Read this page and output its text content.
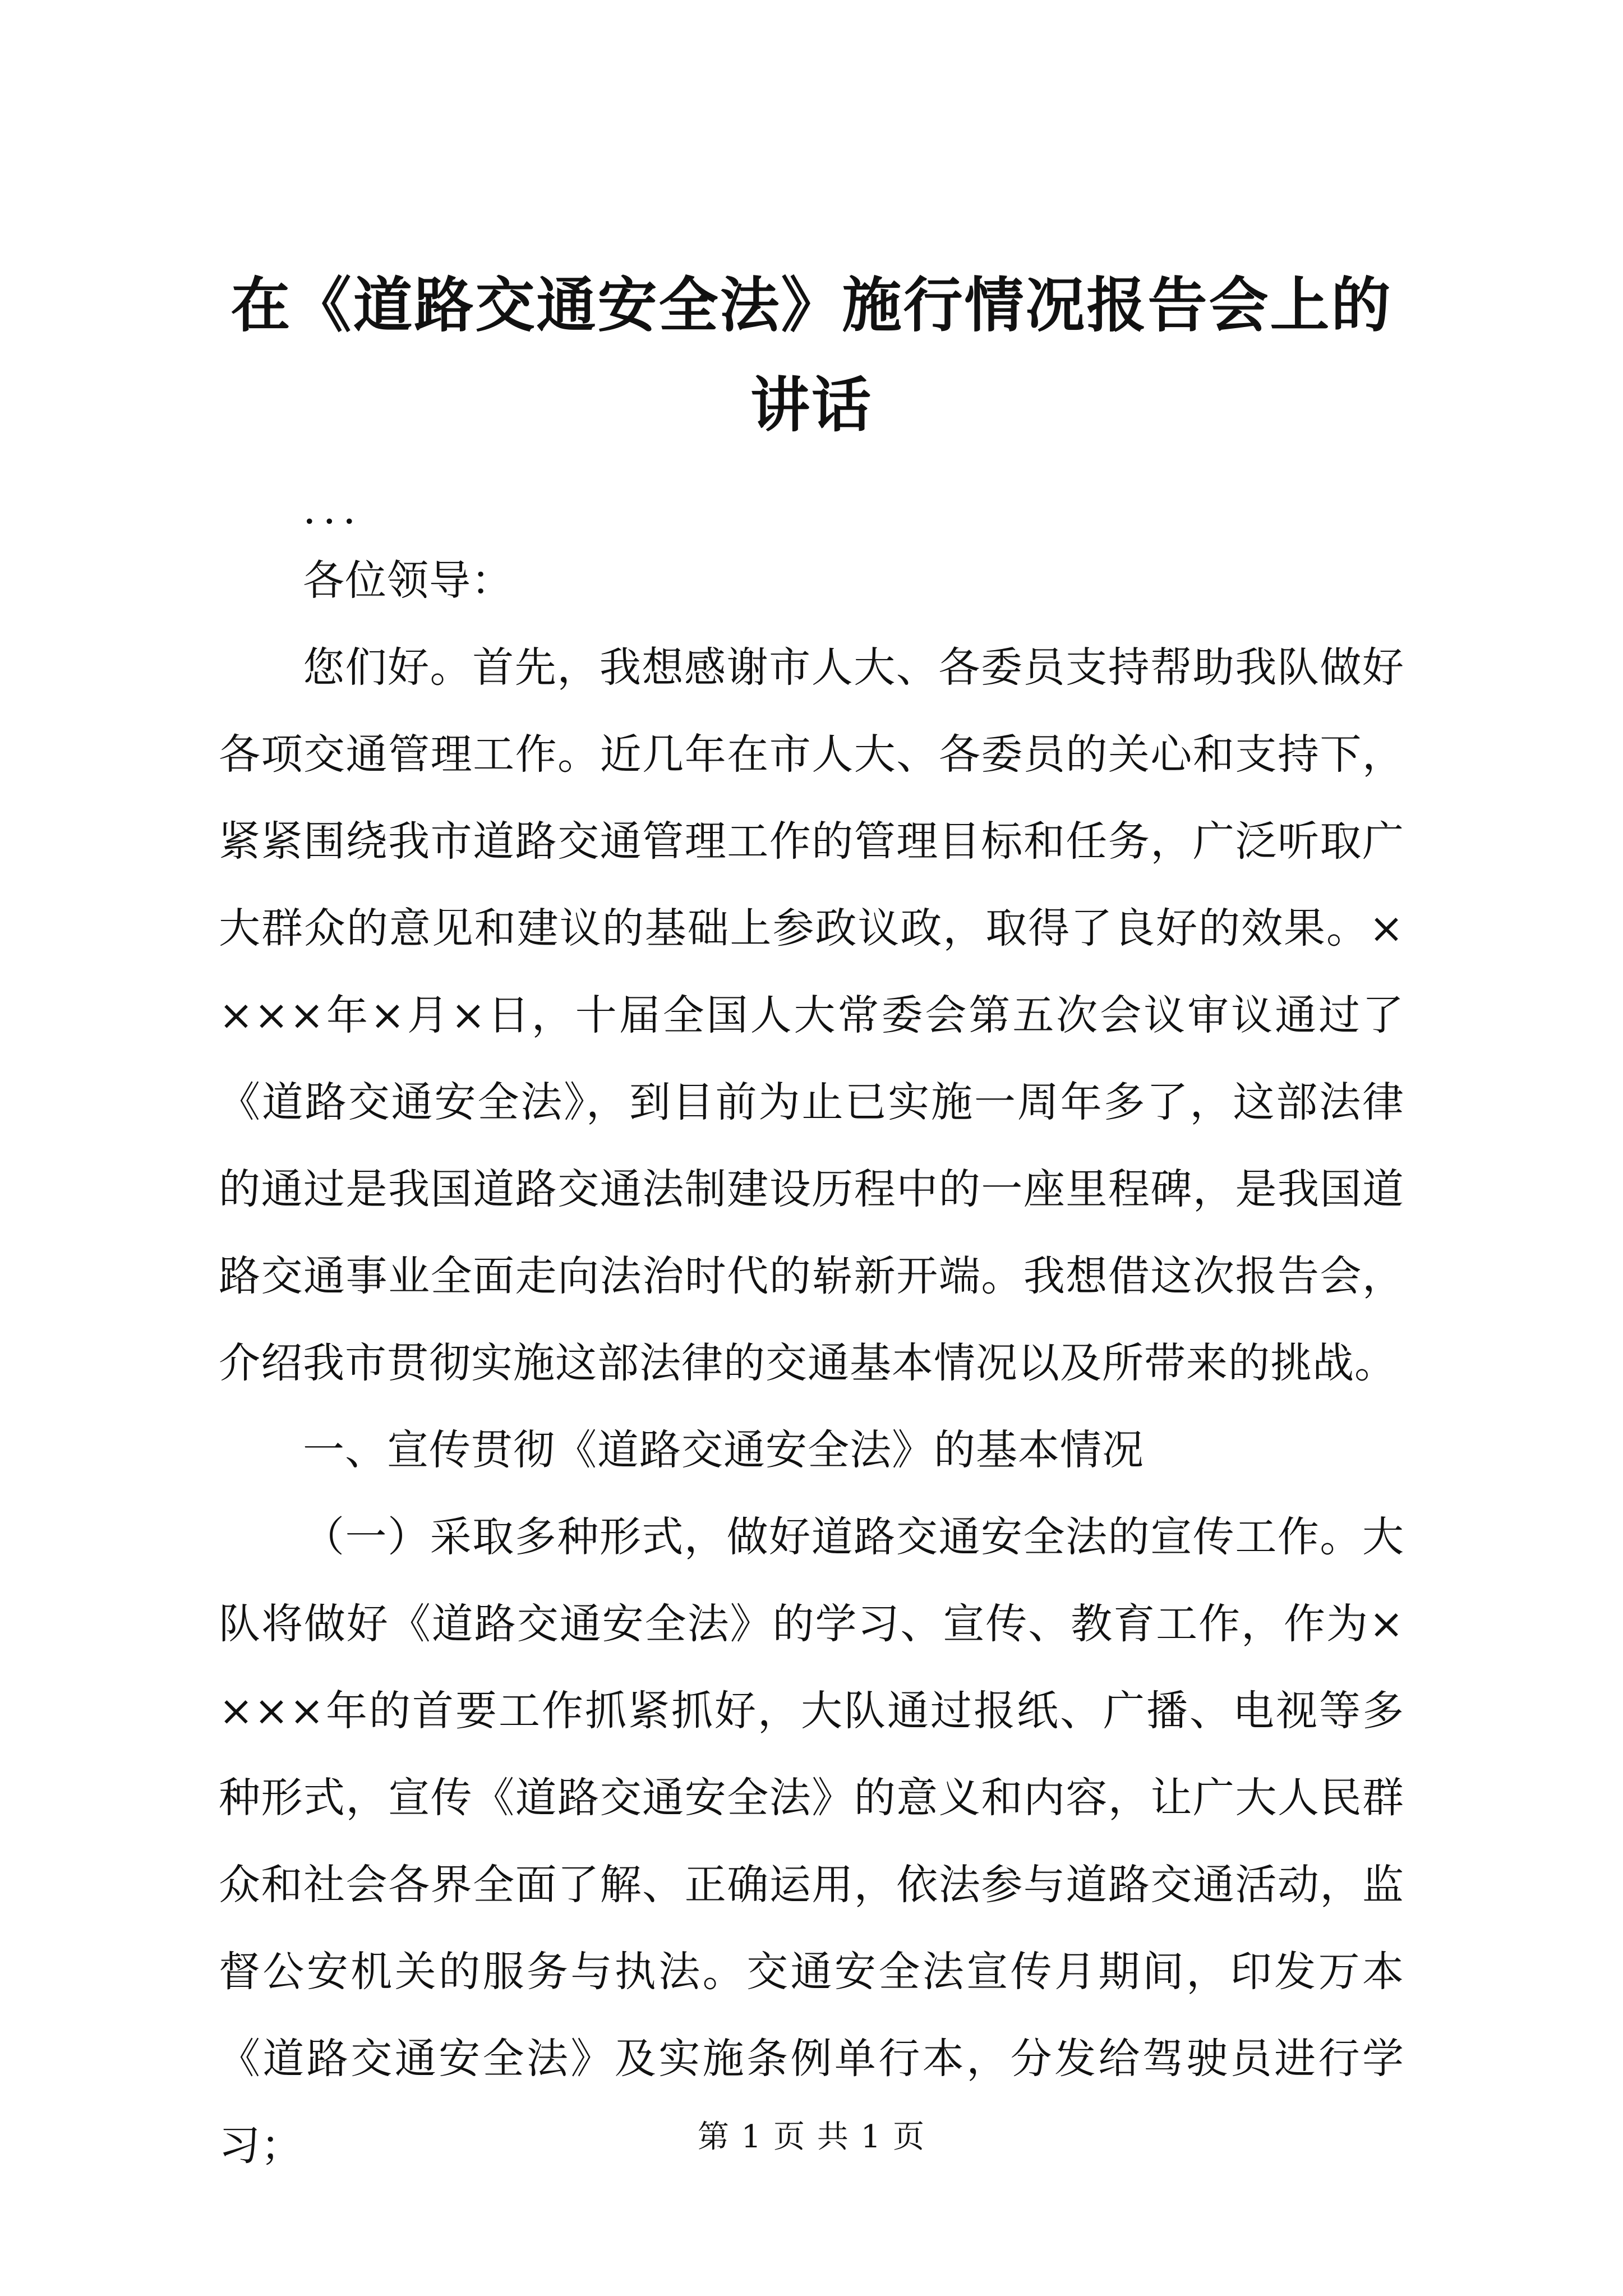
在《道路交通安全法》施行情况报告会上的讲话

...

各位领导：

您们好。首先，我想感谢市人大、各委员支持帮助我队做好各项交通管理工作。近几年在市人大、各委员的关心和支持下，紧紧围绕我市道路交通管理工作的管理目标和任务，广泛听取广大群众的意见和建议的基础上参政议政，取得了良好的效果。××××年×月×日，十届全国人大常委会第五次会议审议通过了《道路交通安全法》，到目前为止已实施一周年多了，这部法律的通过是我国道路交通法制建设历程中的一座里程碑，是我国道路交通事业全面走向法治时代的崭新开端。我想借这次报告会，介绍我市贯彻实施这部法律的交通基本情况以及所带来的挑战。

一、宣传贯彻《道路交通安全法》的基本情况

（一）采取多种形式，做好道路交通安全法的宣传工作。大队将做好《道路交通安全法》的学习、宣传、教育工作，作为××××年的首要工作抓紧抓好，大队通过报纸、广播、电视等多种形式，宣传《道路交通安全法》的意义和内容，让广大人民群众和社会各界全面了解、正确运用，依法参与道路交通活动，监督公安机关的服务与执法。交通安全法宣传月期间，印发万本《道路交通安全法》及实施条例单行本，分发给驾驶员进行学习；	第 1 页 共 1 页
